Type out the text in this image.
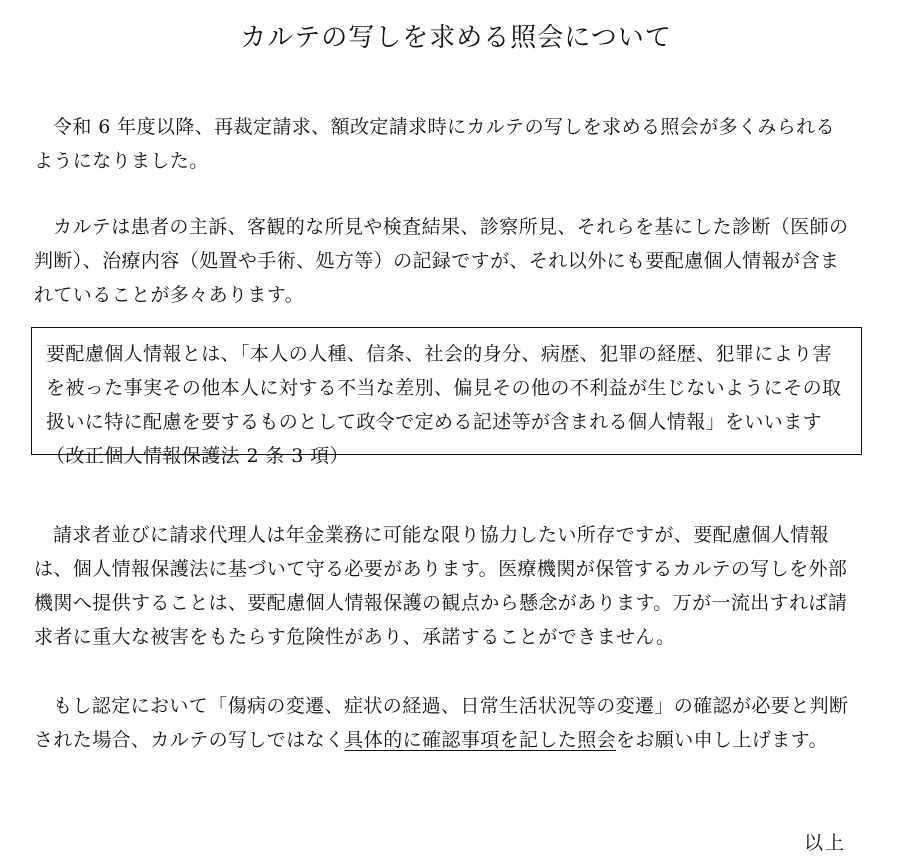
カルテの写しを求める照会について
令和 6 年度以降、再裁定請求、額改定請求時にカルテの写しを求める照会が多くみられるようになりました。
カルテは患者の主訴、客観的な所見や検査結果、診察所見、それらを基にした診断（医師の判断）、治療内容（処置や手術、処方等）の記録ですが、それ以外にも要配慮個人情報が含まれていることが多々あります。
要配慮個人情報とは、「本人の人種、信条、社会的身分、病歴、犯罪の経歴、犯罪により害を被った事実その他本人に対する不当な差別、偏見その他の不利益が生じないようにその取扱いに特に配慮を要するものとして政令で定める記述等が含まれる個人情報」をいいます（改正個人情報保護法 2 条 3 項）
請求者並びに請求代理人は年金業務に可能な限り協力したい所存ですが、要配慮個人情報は、個人情報保護法に基づいて守る必要があります。医療機関が保管するカルテの写しを外部機関へ提供することは、要配慮個人情報保護の観点から懸念があります。万が一流出すれば請求者に重大な被害をもたらす危険性があり、承諾することができません。
もし認定において「傷病の変遷、症状の経過、日常生活状況等の変遷」の確認が必要と判断された場合、カルテの写しではなく具体的に確認事項を記した照会をお願い申し上げます。
以上
